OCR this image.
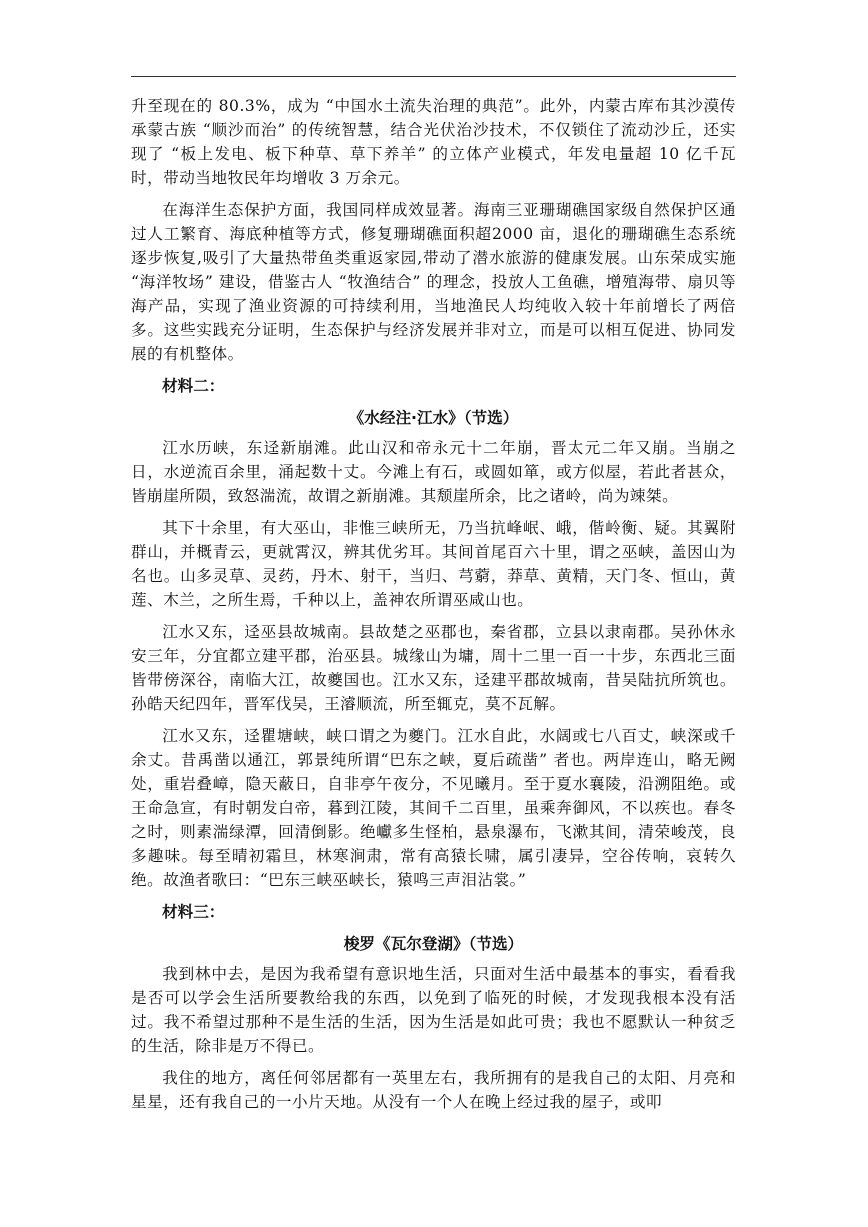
升至现在的 80.3%，成为 “中国水土流失治理的典范”。此外，内蒙古库布其沙漠传承蒙古族 “顺沙而治” 的传统智慧，结合光伏治沙技术，不仅锁住了流动沙丘，还实现了 “板上发电、板下种草、草下养羊” 的立体产业模式，年发电量超 10 亿千瓦时，带动当地牧民年均增收 3 万余元。

在海洋生态保护方面，我国同样成效显著。海南三亚珊瑚礁国家级自然保护区通过人工繁育、海底种植等方式，修复珊瑚礁面积超2000 亩，退化的珊瑚礁生态系统逐步恢复,吸引了大量热带鱼类重返家园,带动了潜水旅游的健康发展。山东荣成实施 “海洋牧场” 建设，借鉴古人 “牧渔结合” 的理念，投放人工鱼礁，增殖海带、扇贝等海产品，实现了渔业资源的可持续利用，当地渔民人均纯收入较十年前增长了两倍多。这些实践充分证明，生态保护与经济发展并非对立，而是可以相互促进、协同发展的有机整体。

材料二：
《水经注·江水》（节选）

江水历峡，东迳新崩滩。此山汉和帝永元十二年崩，晋太元二年又崩。当崩之日，水逆流百余里，涌起数十丈。今滩上有石，或圆如箪，或方似屋，若此者甚众，皆崩崖所陨，致怒湍流，故谓之新崩滩。其颓崖所余，比之诸岭，尚为竦桀。

其下十余里，有大巫山，非惟三峡所无，乃当抗峰岷、峨，偕岭衡、疑。其翼附群山，并概青云，更就霄汉，辨其优劣耳。其间首尾百六十里，谓之巫峡，盖因山为名也。山多灵草、灵药，丹木、射干，当归、芎藭，莽草、黄精，天门冬、恒山，黄莲、木兰，之所生焉，千种以上，盖神农所谓巫咸山也。

江水又东，迳巫县故城南。县故楚之巫郡也，秦省郡，立县以隶南郡。吴孙休永安三年，分宜都立建平郡，治巫县。城缘山为墉，周十二里一百一十步，东西北三面皆带傍深谷，南临大江，故夔国也。江水又东，迳建平郡故城南，昔吴陆抗所筑也。孙皓天纪四年，晋军伐吴，王濬顺流，所至辄克，莫不瓦解。

江水又东，迳瞿塘峡，峡口谓之为夔门。江水自此，水阔或七八百丈，峡深或千余丈。昔禹凿以通江，郭景纯所谓“巴东之峡，夏后疏凿” 者也。两岸连山，略无阙处，重岩叠嶂，隐天蔽日，自非亭午夜分，不见曦月。至于夏水襄陵，沿溯阻绝。或王命急宣，有时朝发白帝，暮到江陵，其间千二百里，虽乘奔御风，不以疾也。春冬之时，则素湍绿潭，回清倒影。绝巘多生怪柏，悬泉瀑布，飞漱其间，清荣峻茂，良多趣味。每至晴初霜旦，林寒涧肃，常有高猿长啸，属引凄异，空谷传响，哀转久绝。故渔者歌曰：“巴东三峡巫峡长，猿鸣三声泪沾裳。”

材料三：
梭罗《瓦尔登湖》（节选）

我到林中去，是因为我希望有意识地生活，只面对生活中最基本的事实，看看我是否可以学会生活所要教给我的东西，以免到了临死的时候，才发现我根本没有活过。我不希望过那种不是生活的生活，因为生活是如此可贵；我也不愿默认一种贫乏的生活，除非是万不得已。

我住的地方，离任何邻居都有一英里左右，我所拥有的是我自己的太阳、月亮和星星，还有我自己的一小片天地。从没有一个人在晚上经过我的屋子，或叩
